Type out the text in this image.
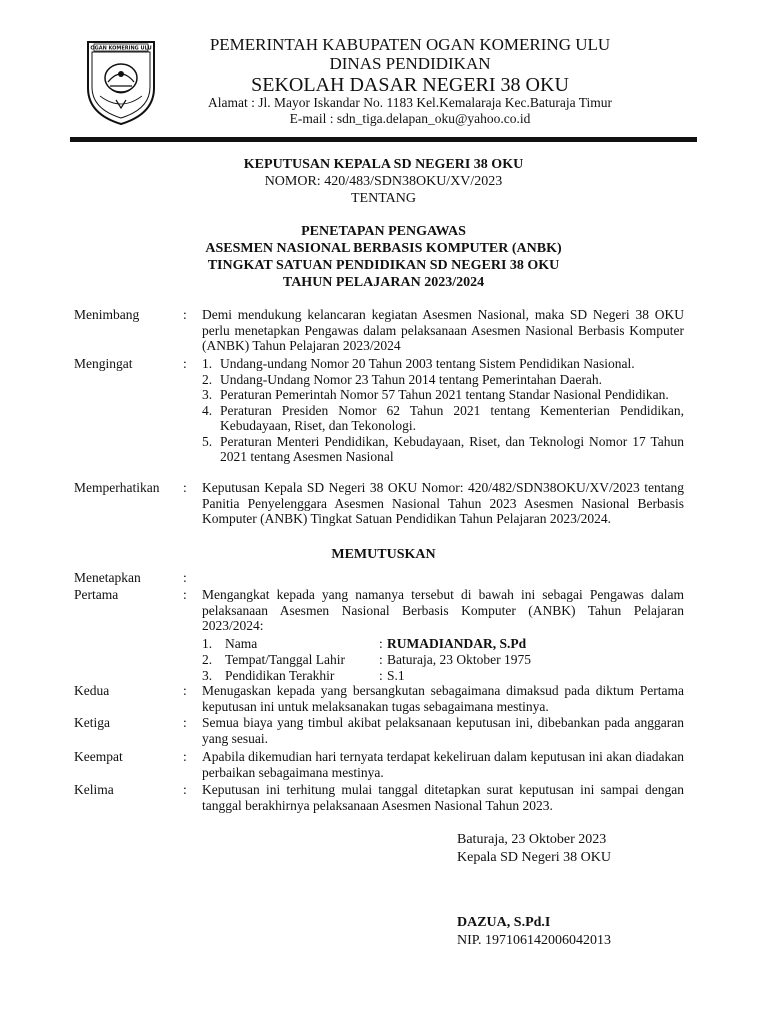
OGAN KOMERING ULU	PEMERINTAH KABUPATEN OGAN KOMERING ULU
DINAS PENDIDIKAN
SEKOLAH DASAR NEGERI 38 OKU
Alamat : Jl. Mayor Iskandar No. 1183 Kel.Kemalaraja Kec.Baturaja Timur
E-mail : sdn_tiga.delapan_oku@yahoo.co.id
KEPUTUSAN KEPALA SD NEGERI 38 OKU
NOMOR: 420/483/SDN38OKU/XV/2023
TENTANG
PENETAPAN PENGAWAS
ASESMEN NASIONAL BERBASIS KOMPUTER (ANBK)
TINGKAT SATUAN PENDIDIKAN SD NEGERI 38 OKU
TAHUN PELAJARAN 2023/2024
Menimbang	: Demi mendukung kelancaran kegiatan Asesmen Nasional, maka SD Negeri 38 OKU perlu menetapkan Pengawas dalam pelaksanaan Asesmen Nasional Berbasis Komputer (ANBK) Tahun Pelajaran 2023/2024
Mengingat	: 1. Undang-undang Nomor 20 Tahun 2003 tentang Sistem Pendidikan Nasional.
2. Undang-Undang Nomor 23 Tahun 2014 tentang Pemerintahan Daerah.
3. Peraturan Pemerintah Nomor 57 Tahun 2021 tentang Standar Nasional Pendidikan.
4. Peraturan Presiden Nomor 62 Tahun 2021 tentang Kementerian Pendidikan, Kebudayaan, Riset, dan Tekonologi.
5. Peraturan Menteri Pendidikan, Kebudayaan, Riset, dan Teknologi Nomor 17 Tahun 2021 tentang Asesmen Nasional
Memperhatikan : Keputusan Kepala SD Negeri 38 OKU Nomor: 420/482/SDN38OKU/XV/2023 tentang Panitia Penyelenggara Asesmen Nasional Tahun 2023 Asesmen Nasional Berbasis Komputer (ANBK) Tingkat Satuan Pendidikan Tahun Pelajaran 2023/2024.
MEMUTUSKAN
Menetapkan	:
Pertama	: Mengangkat kepada yang namanya tersebut di bawah ini sebagai Pengawas dalam pelaksanaan Asesmen Nasional Berbasis Komputer (ANBK) Tahun Pelajaran 2023/2024:
1. Nama	: RUMADIANDAR, S.Pd
2. Tempat/Tanggal Lahir	: Baturaja, 23 Oktober 1975
3. Pendidikan Terakhir	: S.1
Kedua	: Menugaskan kepada yang bersangkutan sebagaimana dimaksud pada diktum Pertama keputusan ini untuk melaksanakan tugas sebagaimana mestinya.
Ketiga	: Semua biaya yang timbul akibat pelaksanaan keputusan ini, dibebankan pada anggaran yang sesuai.
Keempat	: Apabila dikemudian hari ternyata terdapat kekeliruan dalam keputusan ini akan diadakan perbaikan sebagaimana mestinya.
Kelima	: Keputusan ini terhitung mulai tanggal ditetapkan surat keputusan ini sampai dengan tanggal berakhirnya pelaksanaan Asesmen Nasional Tahun 2023.
Baturaja, 23 Oktober 2023
Kepala SD Negeri 38 OKU
DAZUA, S.Pd.I
NIP. 197106142006042013
